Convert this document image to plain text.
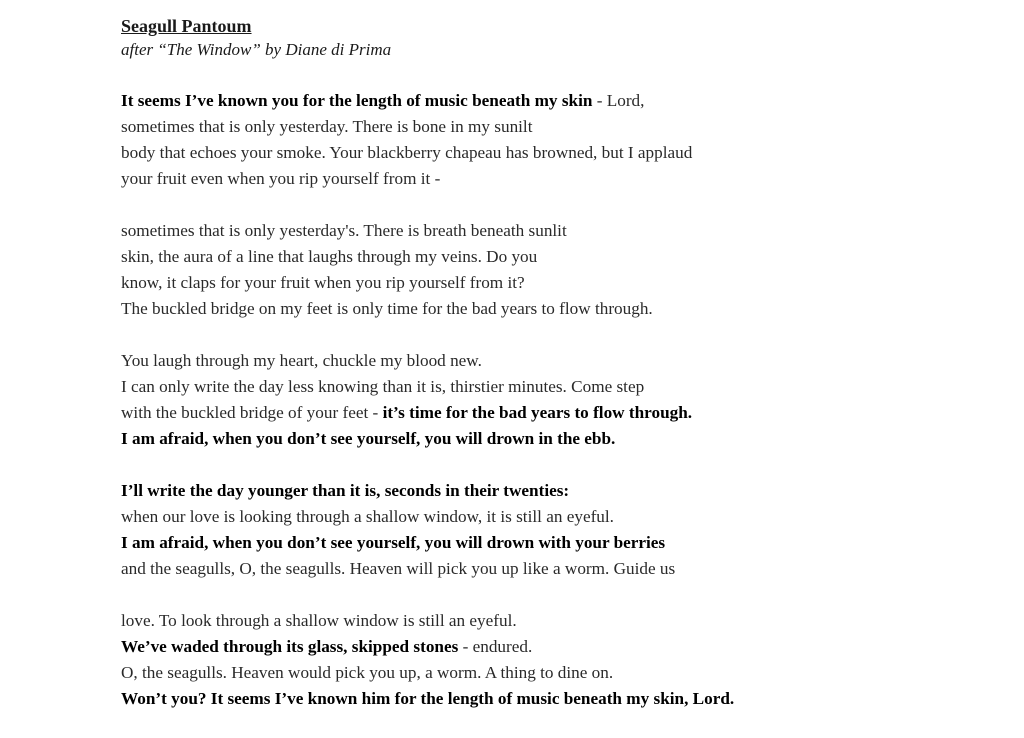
Seagull Pantoum

after “The Window” by Diane di Prima

It seems I’ve known you for the length of music beneath my skin - Lord,
sometimes that is only yesterday. There is bone in my sunilt
body that echoes your smoke. Your blackberry chapeau has browned, but I applaud
your fruit even when you rip yourself from it -
sometimes that is only yesterday's. There is breath beneath sunlit
skin, the aura of a line that laughs through my veins. Do you
know, it claps for your fruit when you rip yourself from it?
The buckled bridge on my feet is only time for the bad years to flow through.
You laugh through my heart, chuckle my blood new.
I can only write the day less knowing than it is, thirstier minutes. Come step
with the buckled bridge of your feet - it’s time for the bad years to flow through.
I am afraid, when you don’t see yourself, you will drown in the ebb.
I’ll write the day younger than it is, seconds in their twenties:
when our love is looking through a shallow window, it is still an eyeful.
I am afraid, when you don’t see yourself, you will drown with your berries
and the seagulls, O, the seagulls. Heaven will pick you up like a worm. Guide us
love. To look through a shallow window is still an eyeful.
We’ve waded through its glass, skipped stones - endured.
O, the seagulls. Heaven would pick you up, a worm. A thing to dine on.
Won’t you? It seems I’ve known him for the length of music beneath my skin, Lord.
